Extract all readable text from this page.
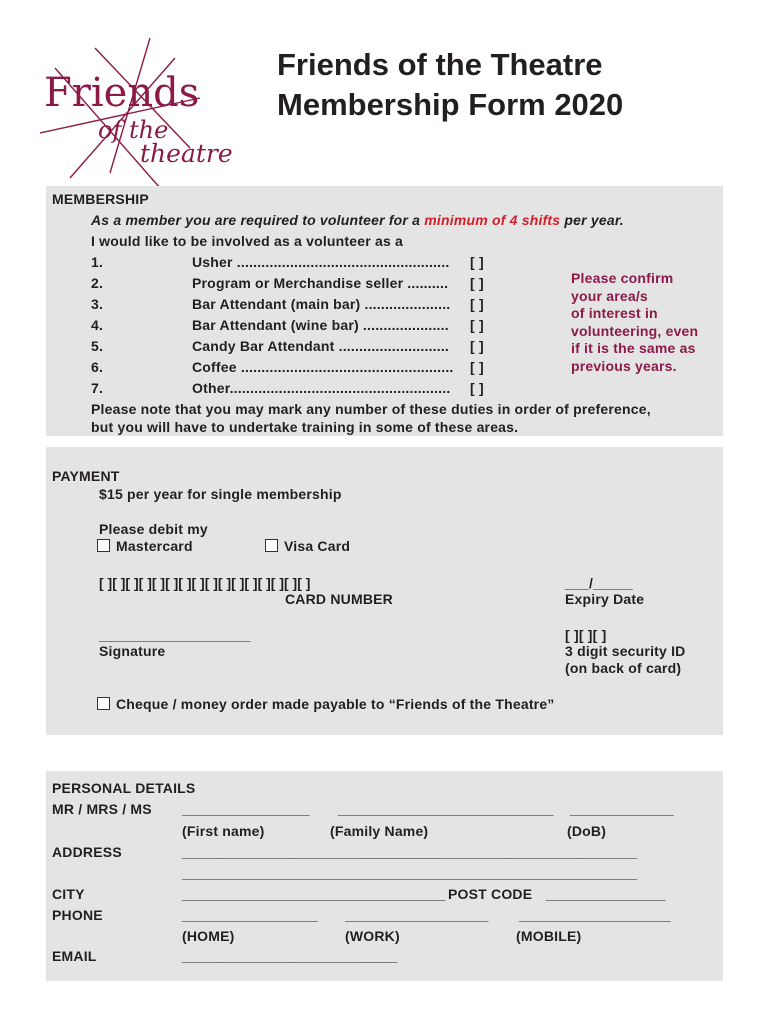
Friends
of the
theatre
Friends of the Theatre
Membership Form 2020
MEMBERSHIP
As a member you are required to volunteer for a minimum of 4 shifts per year.
I would like to be involved as a volunteer as a
1.	Usher .................................................... [ ]
2.	Program or Merchandise seller .......... [ ]
3.	Bar Attendant (main bar) ..................... [ ]
4.	Bar Attendant (wine bar) ..................... [ ]
5.	Candy Bar Attendant ........................... [ ]
6.	Coffee .................................................... [ ]
7.	Other...................................................... [ ]
Please confirm
your area/s
of interest in
volunteering, even
if it is the same as
previous years.
Please note that you may mark any number of these duties in order of preference,
but you will have to undertake training in some of these areas.
PAYMENT
$15 per year for single membership
Please debit my
Mastercard	Visa Card
[ ][ ][ ][ ][ ][ ][ ][ ][ ][ ][ ][ ][ ][ ][ ][ ]
CARD NUMBER
___/_____
Expiry Date
___________________
Signature
[ ][ ][ ]
3 digit security ID
(on back of card)
Cheque / money order made payable to “Friends of the Theatre”
PERSONAL DETAILS
MR / MRS / MS ________________ ___________________________ _____________
(First name)	(Family Name)	(DoB)
ADDRESS	_________________________________________________________
_________________________________________________________
CITY	_________________________________ POST CODE _______________
PHONE	_________________ __________________ ___________________
(HOME)	(WORK)	(MOBILE)
EMAIL	___________________________
